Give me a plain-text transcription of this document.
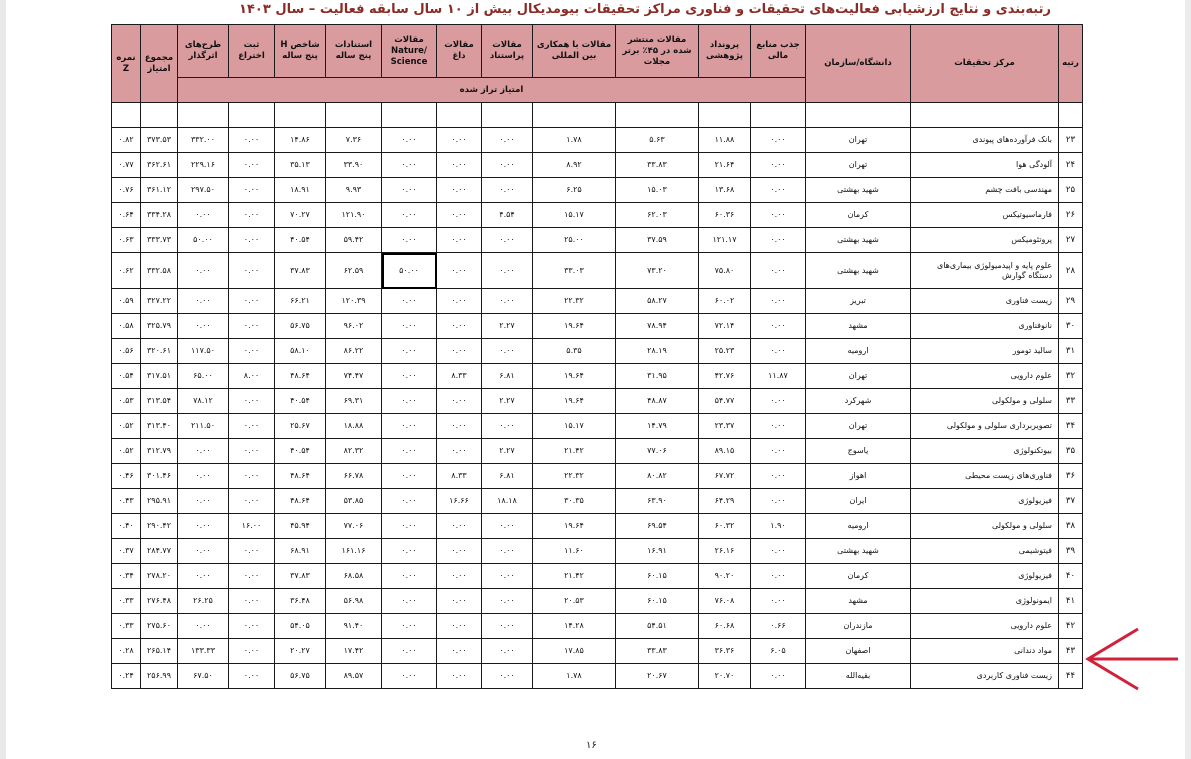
رتبه‌بندی و نتایج ارزشیابی فعالیت‌های تحقیقات و فناوری مراکز تحقیقات بیومدیکال بیش از ۱۰ سال سابقه فعالیت – سال ۱۴۰۳
رتبه	مرکز تحقیقات	دانشگاه/سازمان	جذب منابع مالی	پرونداد پژوهشی	مقالات منتشر شده در ۴۵٪ برتر مجلات	مقالات با همکاری بین المللی	مقالات پراستناد	مقالات داغ	مقالات Nature/ Science	استنادات پنج ساله	شاخص H پنج ساله	ثبت اختراع	طرح‌های اثرگذار	مجموع امتیاز	نمره Z
			امتیاز تراز شده												

۲۳	بانک فرآورده‌های پیوندی	تهران	۰.۰۰	۱۱.۸۸	۵.۶۳	۱.۷۸	۰.۰۰	۰.۰۰	۰.۰۰	۷.۳۶	۱۴.۸۶	۰.۰۰	۳۳۲.۰۰	۳۷۳.۵۳	۰.۸۲
۲۴	آلودگی هوا	تهران	۰.۰۰	۲۱.۶۴	۳۳.۸۳	۸.۹۲	۰.۰۰	۰.۰۰	۰.۰۰	۳۳.۹۰	۳۵.۱۳	۰.۰۰	۲۲۹.۱۶	۳۶۲.۶۱	۰.۷۷
۲۵	مهندسی بافت چشم	شهید بهشتی	۰.۰۰	۱۳.۶۸	۱۵.۰۳	۶.۲۵	۰.۰۰	۰.۰۰	۰.۰۰	۹.۹۳	۱۸.۹۱	۰.۰۰	۲۹۷.۵۰	۳۶۱.۱۲	۰.۷۶
۲۶	فارماسیوتیکس	کرمان	۰.۰۰	۶۰.۳۶	۶۲.۰۳	۱۵.۱۷	۴.۵۴	۰.۰۰	۰.۰۰	۱۲۱.۹۰	۷۰.۲۷	۰.۰۰	۰.۰۰	۳۳۴.۲۸	۰.۶۴
۲۷	پروتئومیکس	شهید بهشتی	۰.۰۰	۱۲۱.۱۷	۳۷.۵۹	۲۵.۰۰	۰.۰۰	۰.۰۰	۰.۰۰	۵۹.۴۲	۴۰.۵۴	۰.۰۰	۵۰.۰۰	۳۳۳.۷۳	۰.۶۳
۲۸	علوم پایه و اپیدمیولوژی بیماری‌های دستگاه گوارش	شهید بهشتی	۰.۰۰	۷۵.۸۰	۷۳.۲۰	۳۳.۰۳	۰.۰۰	۰.۰۰	۵۰.۰۰	۶۲.۵۹	۳۷.۸۳	۰.۰۰	۰.۰۰	۳۳۲.۵۸	۰.۶۲
۲۹	زیست فناوری	تبریز	۰.۰۰	۶۰.۰۲	۵۸.۲۷	۲۲.۳۲	۰.۰۰	۰.۰۰	۰.۰۰	۱۲۰.۳۹	۶۶.۲۱	۰.۰۰	۰.۰۰	۳۲۷.۲۲	۰.۵۹
۳۰	نانوفناوری	مشهد	۰.۰۰	۷۲.۱۴	۷۸.۹۴	۱۹.۶۴	۲.۲۷	۰.۰۰	۰.۰۰	۹۶.۰۲	۵۶.۷۵	۰.۰۰	۰.۰۰	۳۲۵.۷۹	۰.۵۸
۳۱	سالید تومور	ارومیه	۰.۰۰	۲۵.۲۳	۲۸.۱۹	۵.۳۵	۰.۰۰	۰.۰۰	۰.۰۰	۸۶.۲۲	۵۸.۱۰	۰.۰۰	۱۱۷.۵۰	۳۲۰.۶۱	۰.۵۶
۳۲	علوم دارویی	تهران	۱۱.۸۷	۴۲.۷۶	۳۱.۹۵	۱۹.۶۴	۶.۸۱	۸.۳۳	۰.۰۰	۷۴.۴۷	۴۸.۶۴	۸.۰۰	۶۵.۰۰	۳۱۷.۵۱	۰.۵۴
۳۳	سلولی و مولکولی	شهرکرد	۰.۰۰	۵۴.۷۷	۴۸.۸۷	۱۹.۶۴	۲.۲۷	۰.۰۰	۰.۰۰	۶۹.۳۱	۴۰.۵۴	۰.۰۰	۷۸.۱۲	۳۱۳.۵۴	۰.۵۳
۳۴	تصویربرداری سلولی و مولکولی	تهران	۰.۰۰	۲۳.۳۷	۱۴.۷۹	۱۵.۱۷	۰.۰۰	۰.۰۰	۰.۰۰	۱۸.۸۸	۲۵.۶۷	۰.۰۰	۲۱۱.۵۰	۳۱۳.۴۰	۰.۵۲
۳۵	بیوتکنولوژی	یاسوج	۰.۰۰	۸۹.۱۵	۷۷.۰۶	۲۱.۴۲	۲.۲۷	۰.۰۰	۰.۰۰	۸۲.۳۲	۴۰.۵۴	۰.۰۰	۰.۰۰	۳۱۲.۷۹	۰.۵۲
۳۶	فناوری‌های زیست محیطی	اهواز	۰.۰۰	۶۷.۷۲	۸۰.۸۲	۲۲.۳۲	۶.۸۱	۸.۳۳	۰.۰۰	۶۶.۷۸	۴۸.۶۴	۰.۰۰	۰.۰۰	۳۰۱.۴۶	۰.۴۶
۳۷	فیزیولوژی	ایران	۰.۰۰	۶۴.۲۹	۶۳.۹۰	۳۰.۳۵	۱۸.۱۸	۱۶.۶۶	۰.۰۰	۵۳.۸۵	۴۸.۶۴	۰.۰۰	۰.۰۰	۲۹۵.۹۱	۰.۴۳
۳۸	سلولی و مولکولی	ارومیه	۱.۹۰	۶۰.۳۲	۶۹.۵۴	۱۹.۶۴	۰.۰۰	۰.۰۰	۰.۰۰	۷۷.۰۶	۴۵.۹۴	۱۶.۰۰	۰.۰۰	۲۹۰.۴۲	۰.۴۰
۳۹	فیتوشیمی	شهید بهشتی	۰.۰۰	۲۶.۱۶	۱۶.۹۱	۱۱.۶۰	۰.۰۰	۰.۰۰	۰.۰۰	۱۶۱.۱۶	۶۸.۹۱	۰.۰۰	۰.۰۰	۲۸۴.۷۷	۰.۳۷
۴۰	فیزیولوژی	کرمان	۰.۰۰	۹۰.۲۰	۶۰.۱۵	۲۱.۴۲	۰.۰۰	۰.۰۰	۰.۰۰	۶۸.۵۸	۳۷.۸۳	۰.۰۰	۰.۰۰	۲۷۸.۲۰	۰.۳۴
۴۱	ایمونولوژی	مشهد	۰.۰۰	۷۶.۰۸	۶۰.۱۵	۲۰.۵۳	۰.۰۰	۰.۰۰	۰.۰۰	۵۶.۹۸	۳۶.۴۸	۰.۰۰	۲۶.۲۵	۲۷۶.۴۸	۰.۳۳
۴۲	علوم دارویی	مازندران	۰.۶۶	۶۰.۶۸	۵۴.۵۱	۱۴.۲۸	۰.۰۰	۰.۰۰	۰.۰۰	۹۱.۴۰	۵۴.۰۵	۰.۰۰	۰.۰۰	۲۷۵.۶۰	۰.۳۳
۴۳	مواد دندانی	اصفهان	۶.۰۵	۳۶.۳۶	۳۳.۸۳	۱۷.۸۵	۰.۰۰	۰.۰۰	۰.۰۰	۱۷.۴۲	۲۰.۲۷	۰.۰۰	۱۳۳.۳۳	۲۶۵.۱۴	۰.۲۸
۴۴	زیست فناوری کاربردی	بقیه‌الله	۰.۰۰	۲۰.۷۰	۲۰.۶۷	۱.۷۸	۰.۰۰	۰.۰۰	۰.۰۰	۸۹.۵۷	۵۶.۷۵	۰.۰۰	۶۷.۵۰	۲۵۶.۹۹	۰.۲۴
۱۶
